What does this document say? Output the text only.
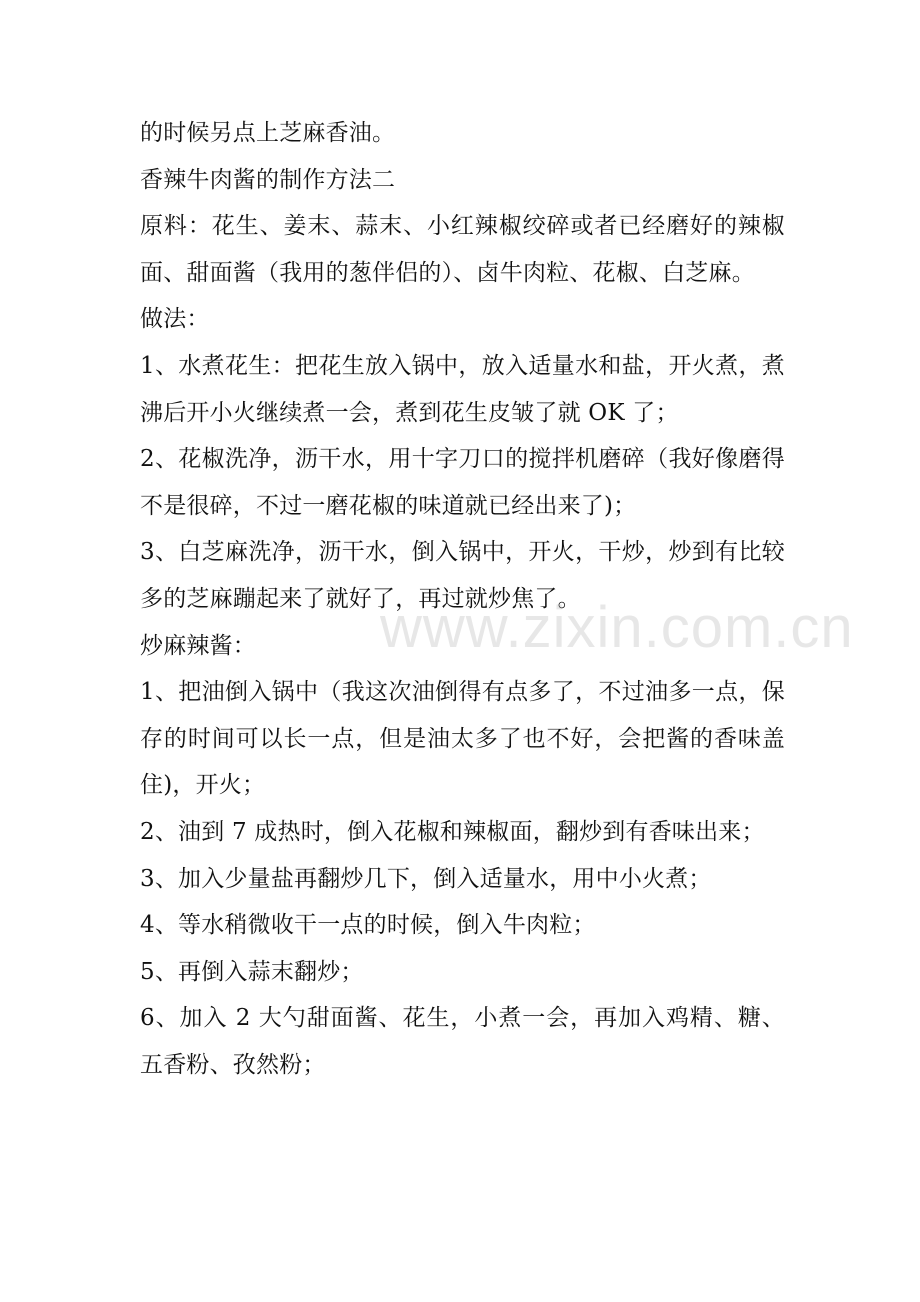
的时候另点上芝麻香油。

香辣牛肉酱的制作方法二

原料：花生、姜末、蒜末、小红辣椒绞碎或者已经磨好的辣椒面、甜面酱（我用的葱伴侣的）、卤牛肉粒、花椒、白芝麻。

做法：

1、水煮花生：把花生放入锅中，放入适量水和盐，开火煮，煮沸后开小火继续煮一会，煮到花生皮皱了就 OK 了；

2、花椒洗净，沥干水，用十字刀口的搅拌机磨碎（我好像磨得不是很碎，不过一磨花椒的味道就已经出来了)；

3、白芝麻洗净，沥干水，倒入锅中，开火，干炒，炒到有比较多的芝麻蹦起来了就好了，再过就炒焦了。

炒麻辣酱：

1、把油倒入锅中（我这次油倒得有点多了，不过油多一点，保存的时间可以长一点，但是油太多了也不好，会把酱的香味盖住)，开火；

2、油到 7 成热时，倒入花椒和辣椒面，翻炒到有香味出来；

3、加入少量盐再翻炒几下，倒入适量水，用中小火煮；

4、等水稍微收干一点的时候，倒入牛肉粒；

5、再倒入蒜末翻炒；

6、加入 2 大勺甜面酱、花生，小煮一会，再加入鸡精、糖、五香粉、孜然粉；

www.zixin.com.cn
